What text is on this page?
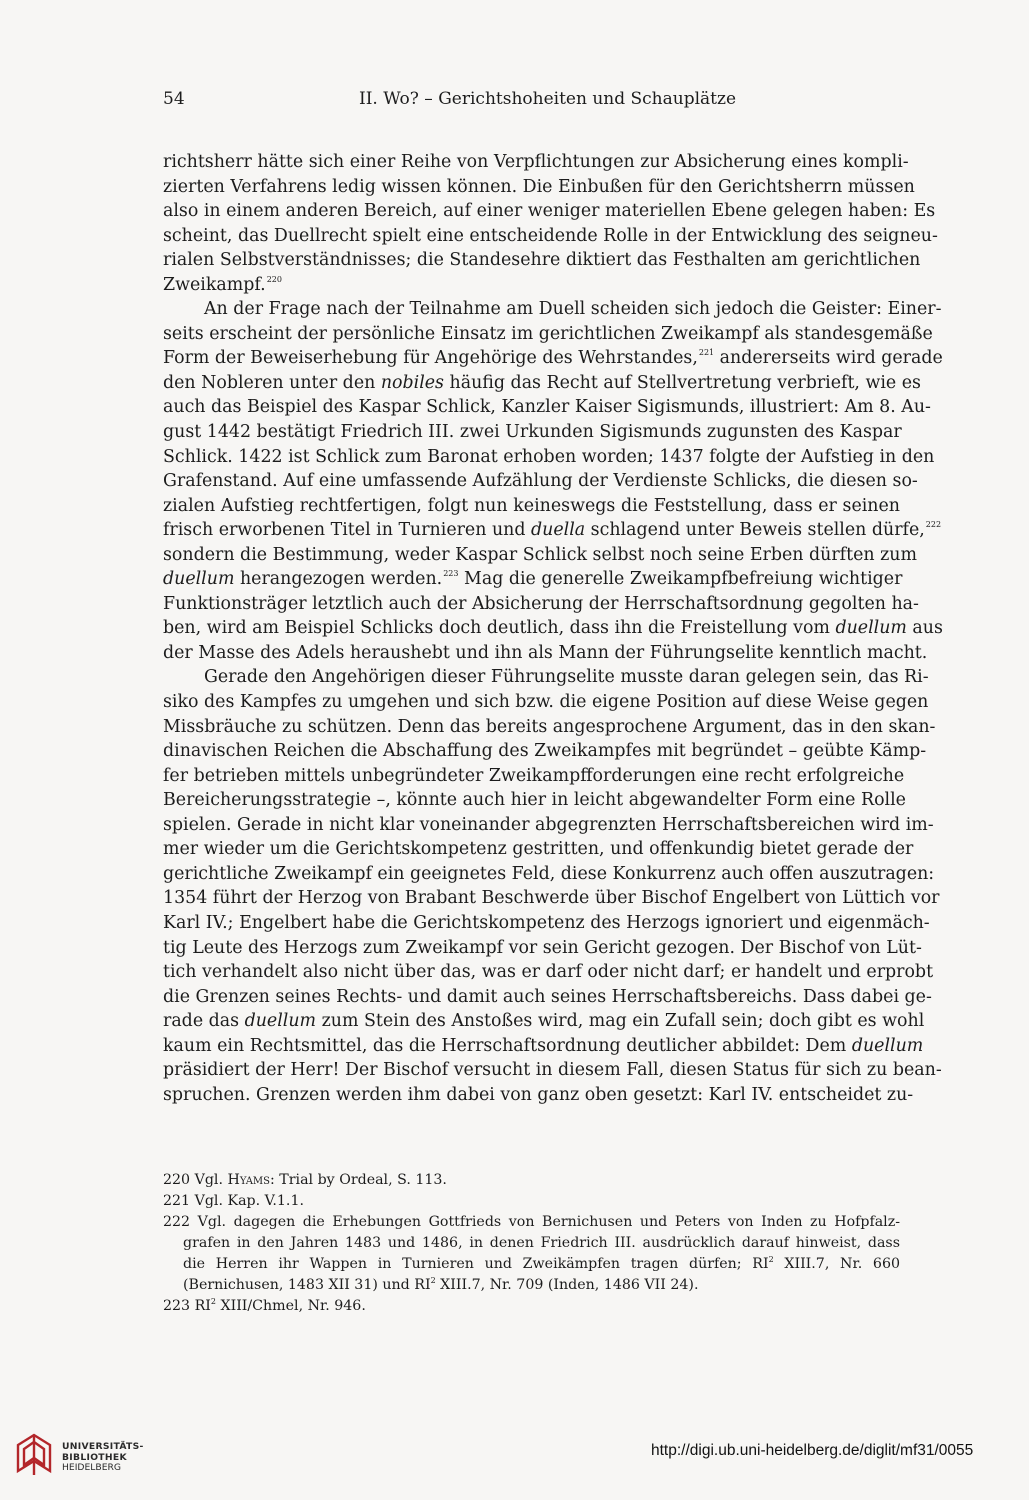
54	II. Wo? – Gerichtshoheiten und Schauplätze
richtsherr hätte sich einer Reihe von Verpflichtungen zur Absicherung eines kompli-
zierten Verfahrens ledig wissen können. Die Einbußen für den Gerichtsherrn müssen
also in einem anderen Bereich, auf einer weniger materiellen Ebene gelegen haben: Es
scheint, das Duellrecht spielt eine entscheidende Rolle in der Entwicklung des seigneu-
rialen Selbstverständnisses; die Standesehre diktiert das Festhalten am gerichtlichen
Zweikampf.$^{220}$
An der Frage nach der Teilnahme am Duell scheiden sich jedoch die Geister: Einer-
seits erscheint der persönliche Einsatz im gerichtlichen Zweikampf als standesgemäße
Form der Beweiserhebung für Angehörige des Wehrstandes,$^{221}$ andererseits wird gerade
den Nobleren unter den nobiles häufig das Recht auf Stellvertretung verbrieft, wie es
auch das Beispiel des Kaspar Schlick, Kanzler Kaiser Sigismunds, illustriert: Am 8. Au-
gust 1442 bestätigt Friedrich III. zwei Urkunden Sigismunds zugunsten des Kaspar
Schlick. 1422 ist Schlick zum Baronat erhoben worden; 1437 folgte der Aufstieg in den
Grafenstand. Auf eine umfassende Aufzählung der Verdienste Schlicks, die diesen so-
zialen Aufstieg rechtfertigen, folgt nun keineswegs die Feststellung, dass er seinen
frisch erworbenen Titel in Turnieren und duella schlagend unter Beweis stellen dürfe,$^{222}$
sondern die Bestimmung, weder Kaspar Schlick selbst noch seine Erben dürften zum
duellum herangezogen werden.$^{223}$ Mag die generelle Zweikampfbefreiung wichtiger
Funktionsträger letztlich auch der Absicherung der Herrschaftsordnung gegolten ha-
ben, wird am Beispiel Schlicks doch deutlich, dass ihn die Freistellung vom duellum aus
der Masse des Adels heraushebt und ihn als Mann der Führungselite kenntlich macht.
Gerade den Angehörigen dieser Führungselite musste daran gelegen sein, das Ri-
siko des Kampfes zu umgehen und sich bzw. die eigene Position auf diese Weise gegen
Missbräuche zu schützen. Denn das bereits angesprochene Argument, das in den skan-
dinavischen Reichen die Abschaffung des Zweikampfes mit begründet – geübte Kämp-
fer betrieben mittels unbegründeter Zweikampfforderungen eine recht erfolgreiche
Bereicherungsstrategie –, könnte auch hier in leicht abgewandelter Form eine Rolle
spielen. Gerade in nicht klar voneinander abgegrenzten Herrschaftsbereichen wird im-
mer wieder um die Gerichtskompetenz gestritten, und offenkundig bietet gerade der
gerichtliche Zweikampf ein geeignetes Feld, diese Konkurrenz auch offen auszutragen:
1354 führt der Herzog von Brabant Beschwerde über Bischof Engelbert von Lüttich vor
Karl IV.; Engelbert habe die Gerichtskompetenz des Herzogs ignoriert und eigenmäch-
tig Leute des Herzogs zum Zweikampf vor sein Gericht gezogen. Der Bischof von Lüt-
tich verhandelt also nicht über das, was er darf oder nicht darf; er handelt und erprobt
die Grenzen seines Rechts- und damit auch seines Herrschaftsbereichs. Dass dabei ge-
rade das duellum zum Stein des Anstoßes wird, mag ein Zufall sein; doch gibt es wohl
kaum ein Rechtsmittel, das die Herrschaftsordnung deutlicher abbildet: Dem duellum
präsidiert der Herr! Der Bischof versucht in diesem Fall, diesen Status für sich zu bean-
spruchen. Grenzen werden ihm dabei von ganz oben gesetzt: Karl IV. entscheidet zu-
220 Vgl. Hyams: Trial by Ordeal, S. 113.
221 Vgl. Kap. V.1.1.
222 Vgl. dagegen die Erhebungen Gottfrieds von Bernichusen und Peters von Inden zu Hofpfalz-
grafen in den Jahren 1483 und 1486, in denen Friedrich III. ausdrücklich darauf hinweist, dass
die Herren ihr Wappen in Turnieren und Zweikämpfen tragen dürfen; $RI^2$ XIII.7, Nr. 660
(Bernichusen, 1483 XII 31) und $RI^2$ XIII.7, Nr. 709 (Inden, 1486 VII 24).
223 $RI^2$ XIII/Chmel, Nr. 946.
UNIVERSITÄTS-
BIBLIOTHEK
HEIDELBERG
http://digi.ub.uni-heidelberg.de/diglit/mf31/0055
